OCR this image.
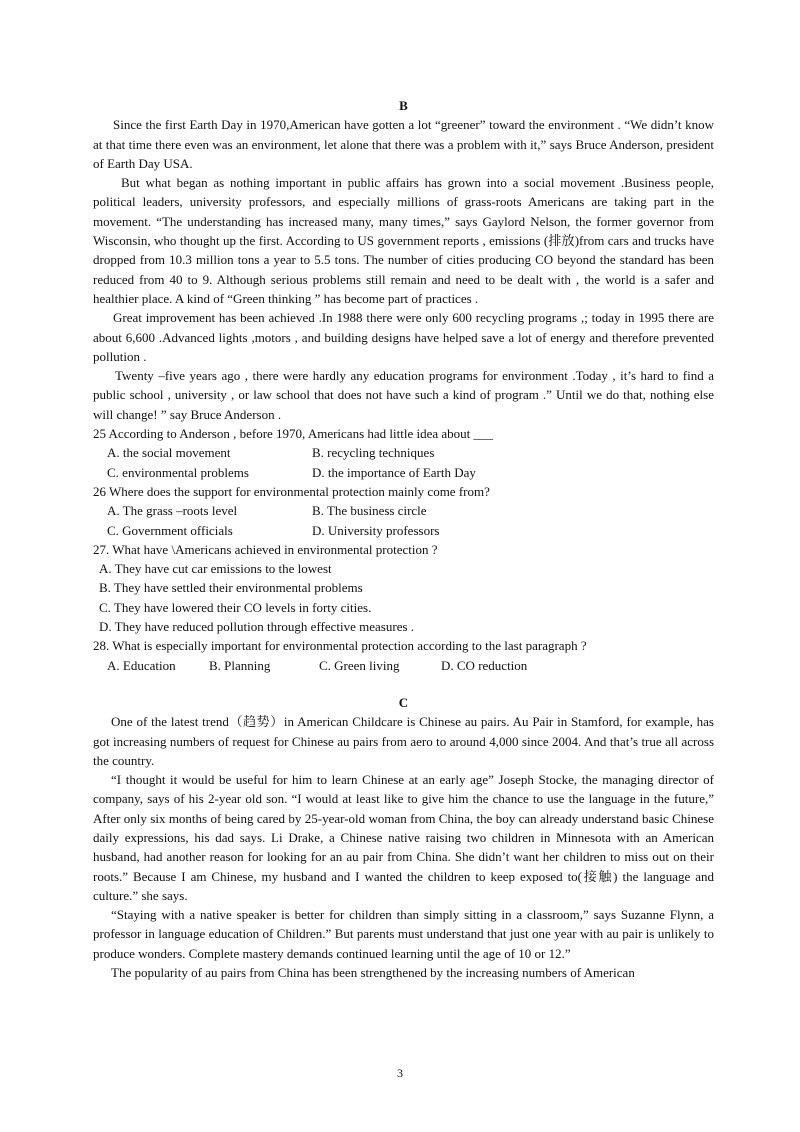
B

Since the first Earth Day in 1970,American have gotten a lot “greener” toward the environment . “We didn’t know at that time there even was an environment, let alone that there was a problem with it,” says Bruce Anderson, president of Earth Day USA.

But what began as nothing important in public affairs has grown into a social movement .Business people, political leaders, university professors, and especially millions of grass-roots Americans are taking part in the movement. “The understanding has increased many, many times,” says Gaylord Nelson, the former governor from Wisconsin, who thought up the first. According to US government reports , emissions (排放)from cars and trucks have dropped from 10.3 million tons a year to 5.5 tons. The number of cities producing CO beyond the standard has been reduced from 40 to 9. Although serious problems still remain and need to be dealt with , the world is a safer and healthier place. A kind of “Green thinking ” has become part of practices .

Great improvement has been achieved .In 1988 there were only 600 recycling programs ,; today in 1995 there are about 6,600 .Advanced lights ,motors , and building designs have helped save a lot of energy and therefore prevented pollution .

Twenty –five years ago , there were hardly any education programs for environment .Today , it’s hard to find a public school , university , or law school that does not have such a kind of program .” Until we do that, nothing else will change! ” say Bruce Anderson .

25 According to Anderson , before 1970, Americans had little idea about ___

A. the social movement	B. recycling techniques
C. environmental problems	D. the importance of Earth Day

26 Where does the support for environmental protection mainly come from?

A. The grass –roots level	B. The business circle
C. Government officials	D. University professors

27. What have \Americans achieved in environmental protection ?

A. They have cut car emissions to the lowest

B. They have settled their environmental problems

C. They have lowered their CO levels in forty cities.

D. They have reduced pollution through effective measures .

28. What is especially important for environmental protection according to the last paragraph ?

A. Education	B. Planning	C. Green living	D. CO reduction

C

One of the latest trend（趋势）in American Childcare is Chinese au pairs. Au Pair in Stamford, for example, has got increasing numbers of request for Chinese au pairs from aero to around 4,000 since 2004. And that’s true all across the country.

“I thought it would be useful for him to learn Chinese at an early age” Joseph Stocke, the managing director of company, says of his 2-year old son. “I would at least like to give him the chance to use the language in the future,” After only six months of being cared by 25-year-old woman from China, the boy can already understand basic Chinese daily expressions, his dad says. Li Drake, a Chinese native raising two children in Minnesota with an American husband, had another reason for looking for an au pair from China. She didn’t want her children to miss out on their roots.” Because I am Chinese, my husband and I wanted the children to keep exposed to(接触) the language and culture.” she says.

“Staying with a native speaker is better for children than simply sitting in a classroom,” says Suzanne Flynn, a professor in language education of Children.” But parents must understand that just one year with au pair is unlikely to produce wonders. Complete mastery demands continued learning until the age of 10 or 12.”

The popularity of au pairs from China has been strengthened by the increasing numbers of American

3
